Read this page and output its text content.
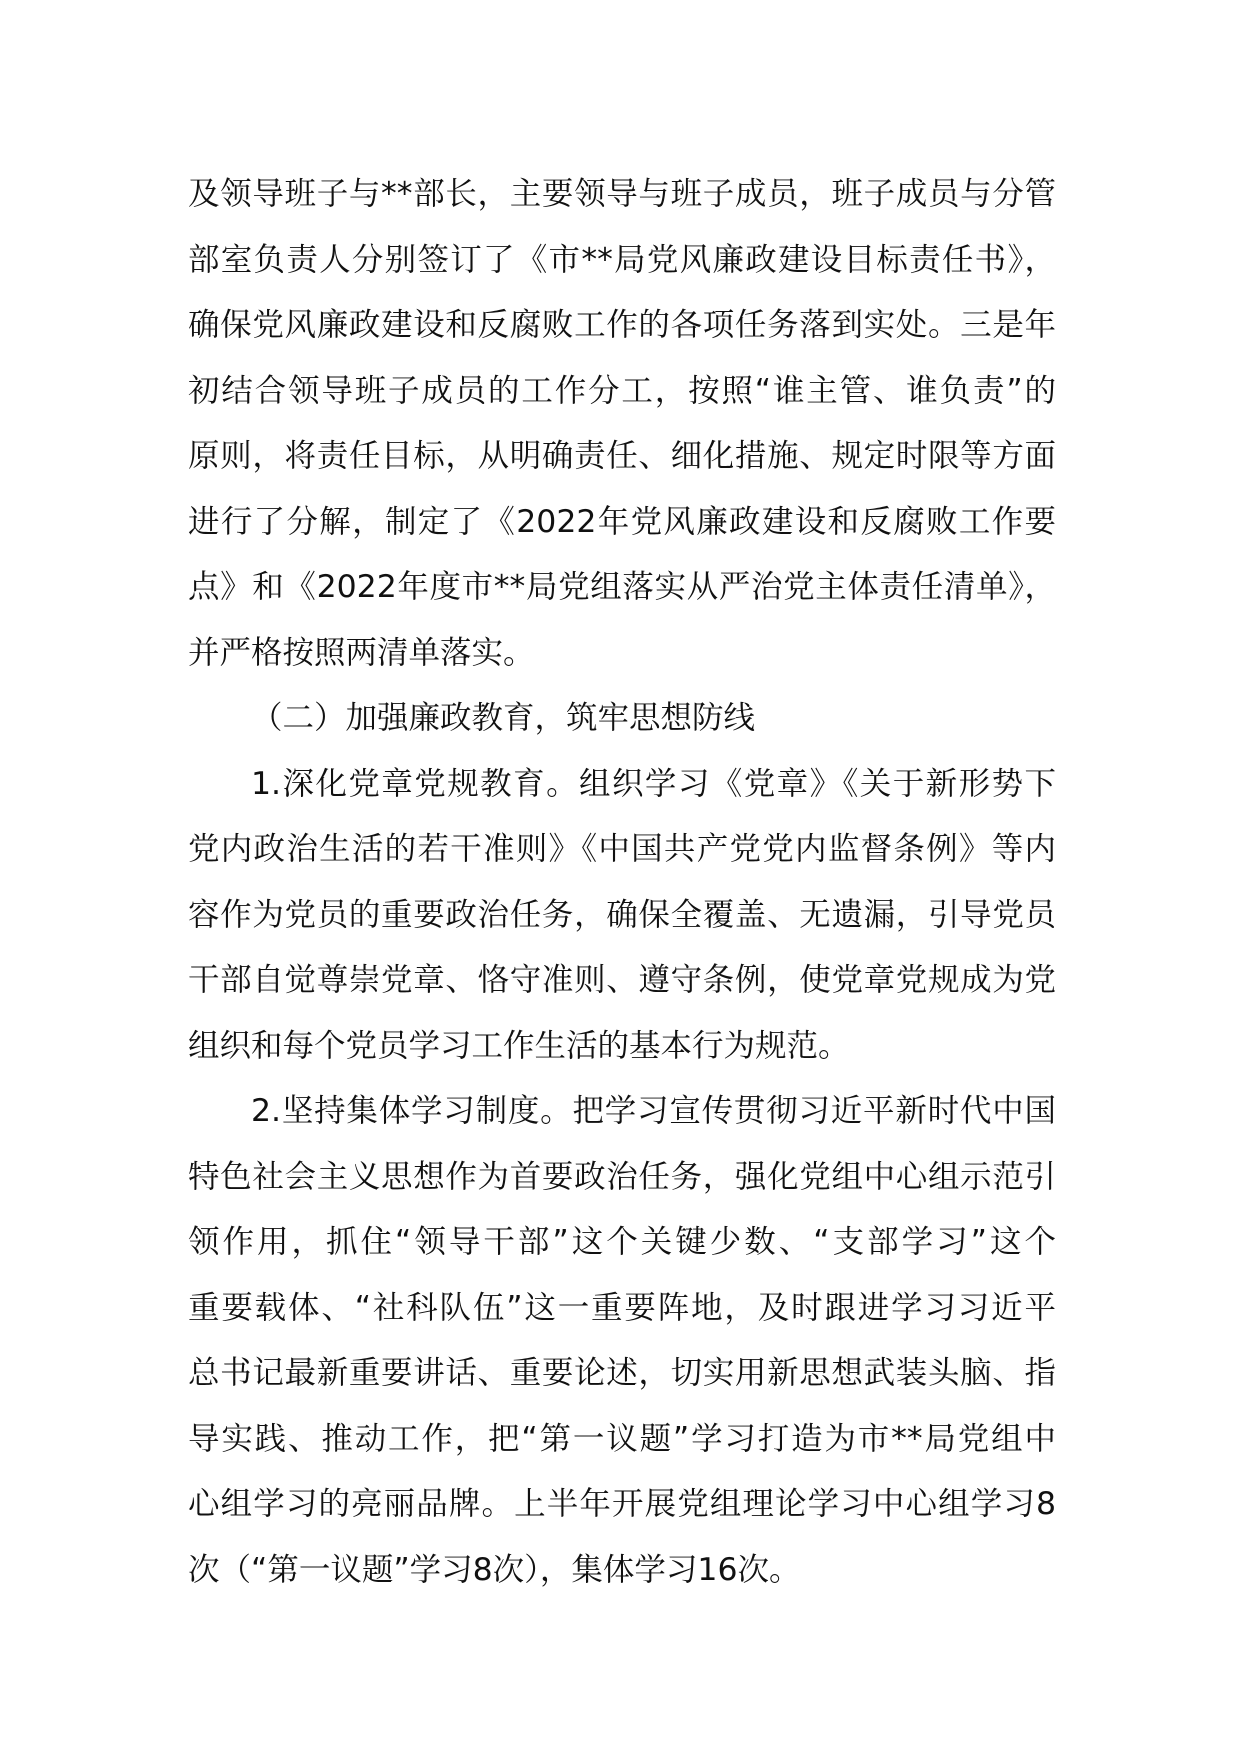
及领导班子与**部长，主要领导与班子成员，班子成员与分管
部室负责人分别签订了《市**局党风廉政建设目标责任书》，
确保党风廉政建设和反腐败工作的各项任务落到实处。三是年
初结合领导班子成员的工作分工，按照“谁主管、谁负责”的
原则，将责任目标，从明确责任、细化措施、规定时限等方面
进行了分解，制定了《2022年党风廉政建设和反腐败工作要
点》和《2022年度市**局党组落实从严治党主体责任清单》，
并严格按照两清单落实。
（二）加强廉政教育，筑牢思想防线
1.深化党章党规教育。组织学习《党章》《关于新形势下
党内政治生活的若干准则》《中国共产党党内监督条例》等内
容作为党员的重要政治任务，确保全覆盖、无遗漏，引导党员
干部自觉尊崇党章、恪守准则、遵守条例，使党章党规成为党
组织和每个党员学习工作生活的基本行为规范。
2.坚持集体学习制度。把学习宣传贯彻习近平新时代中国
特色社会主义思想作为首要政治任务，强化党组中心组示范引
领作用，抓住“领导干部”这个关键少数、“支部学习”这个
重要载体、“社科队伍”这一重要阵地，及时跟进学习习近平
总书记最新重要讲话、重要论述，切实用新思想武装头脑、指
导实践、推动工作，把“第一议题”学习打造为市**局党组中
心组学习的亮丽品牌。上半年开展党组理论学习中心组学习8
次（“第一议题”学习8次），集体学习16次。
